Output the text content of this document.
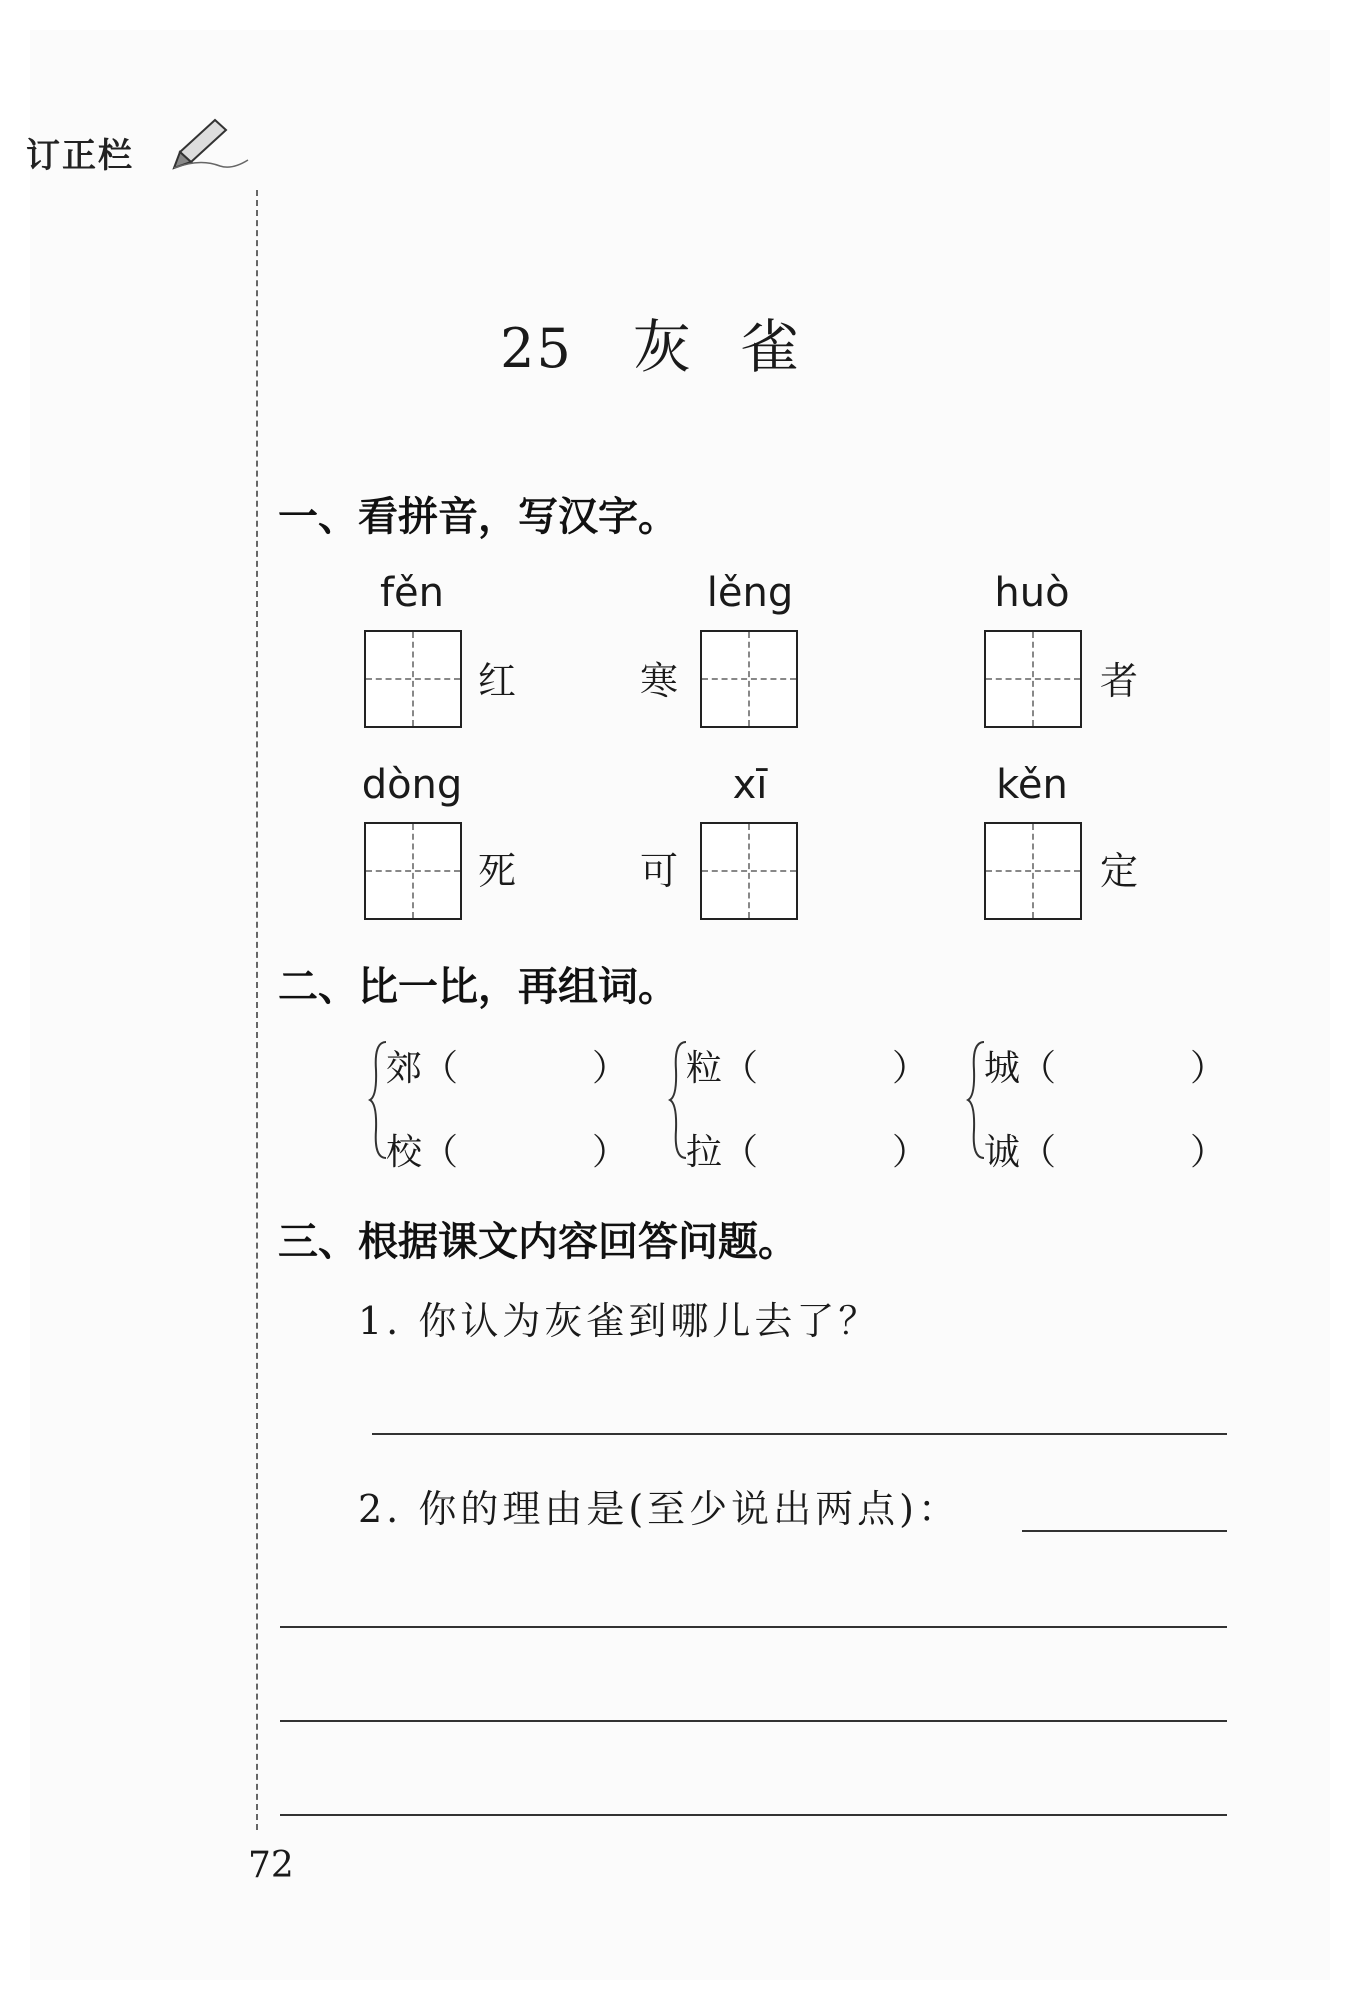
订正栏
25 灰雀
一、看拼音，写汉字。
fěn
红
lěng
寒
huò
者
dòng
死
xī
可
kěn
定
二、比一比，再组词。
郊（
校（
）
）
粒（
拉（
）
）
城（
诚（
）
）
三、根据课文内容回答问题。
1. 你认为灰雀到哪儿去了？
2. 你的理由是(至少说出两点)：
72
